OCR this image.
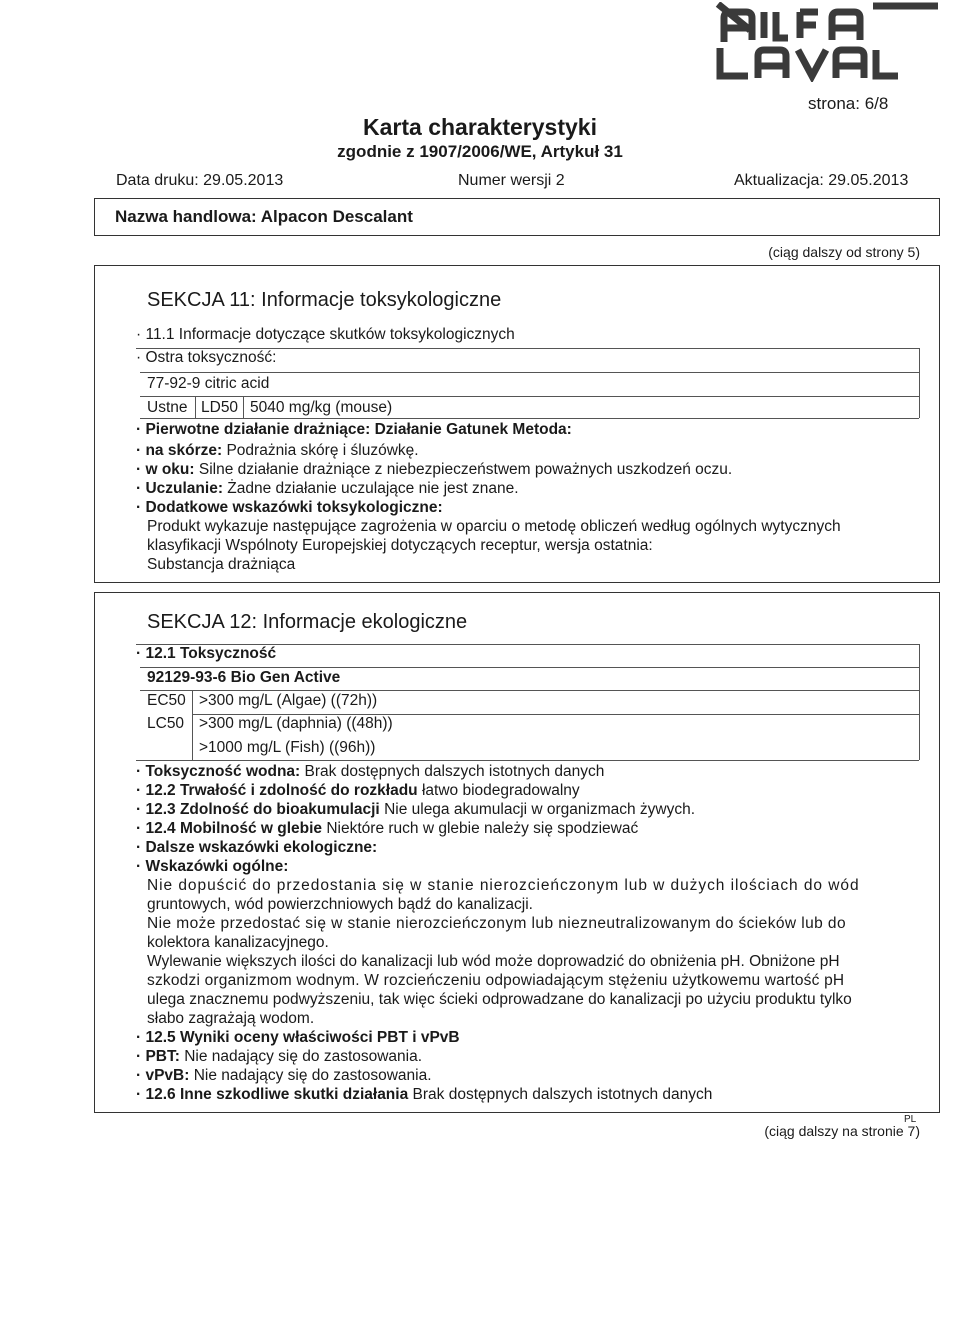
strona: 6/8
Karta charakterystyki
zgodnie z 1907/2006/WE, Artykuł 31
Data druku: 29.05.2013	Numer wersji 2	Aktualizacja: 29.05.2013
Nazwa handlowa: Alpacon Descalant
(ciąg dalszy od strony 5)
SEKCJA 11: Informacje toksykologiczne
· 11.1 Informacje dotyczące skutków toksykologicznych
· Ostra toksyczność:
77-92-9 citric acid
Ustne LD50 5040 mg/kg (mouse)
· Pierwotne działanie drażniące: Działanie Gatunek Metoda:
· na skórze: Podrażnia skórę i śluzówkę.
· w oku: Silne działanie drażniące z niebezpieczeństwem poważnych uszkodzeń oczu.
· Uczulanie: Żadne działanie uczulające nie jest znane.
· Dodatkowe wskazówki toksykologiczne:
Produkt wykazuje następujące zagrożenia w oparciu o metodę obliczeń według ogólnych wytycznych
klasyfikacji Wspólnoty Europejskiej dotyczących receptur, wersja ostatnia:
Substancja drażniąca
SEKCJA 12: Informacje ekologiczne
· 12.1 Toksyczność
92129-93-6 Bio Gen Active
EC50 >300 mg/L (Algae) ((72h))
LC50 >300 mg/L (daphnia) ((48h))
>1000 mg/L (Fish) ((96h))
· Toksyczność wodna: Brak dostępnych dalszych istotnych danych
· 12.2 Trwałość i zdolność do rozkładu łatwo biodegradowalny
· 12.3 Zdolność do bioakumulacji Nie ulega akumulacji w organizmach żywych.
· 12.4 Mobilność w glebie Niektóre ruch w glebie należy się spodziewać
· Dalsze wskazówki ekologiczne:
· Wskazówki ogólne:
Nie dopuścić do przedostania się w stanie nierozcieńczonym lub w dużych ilościach do wód
gruntowych, wód powierzchniowych bądź do kanalizacji.
Nie może przedostać się w stanie nierozcieńczonym lub niezneutralizowanym do ścieków lub do
kolektora kanalizacyjnego.
Wylewanie większych ilości do kanalizacji lub wód może doprowadzić do obniżenia pH. Obniżone pH
szkodzi organizmom wodnym. W rozcieńczeniu odpowiadającym stężeniu użytkowemu wartość pH
ulega znacznemu podwyższeniu, tak więc ścieki odprowadzane do kanalizacji po użyciu produktu tylko
słabo zagrażają wodom.
· 12.5 Wyniki oceny właściwości PBT i vPvB
· PBT: Nie nadający się do zastosowania.
· vPvB: Nie nadający się do zastosowania.
· 12.6 Inne szkodliwe skutki działania Brak dostępnych dalszych istotnych danych
PL
(ciąg dalszy na stronie 7)
